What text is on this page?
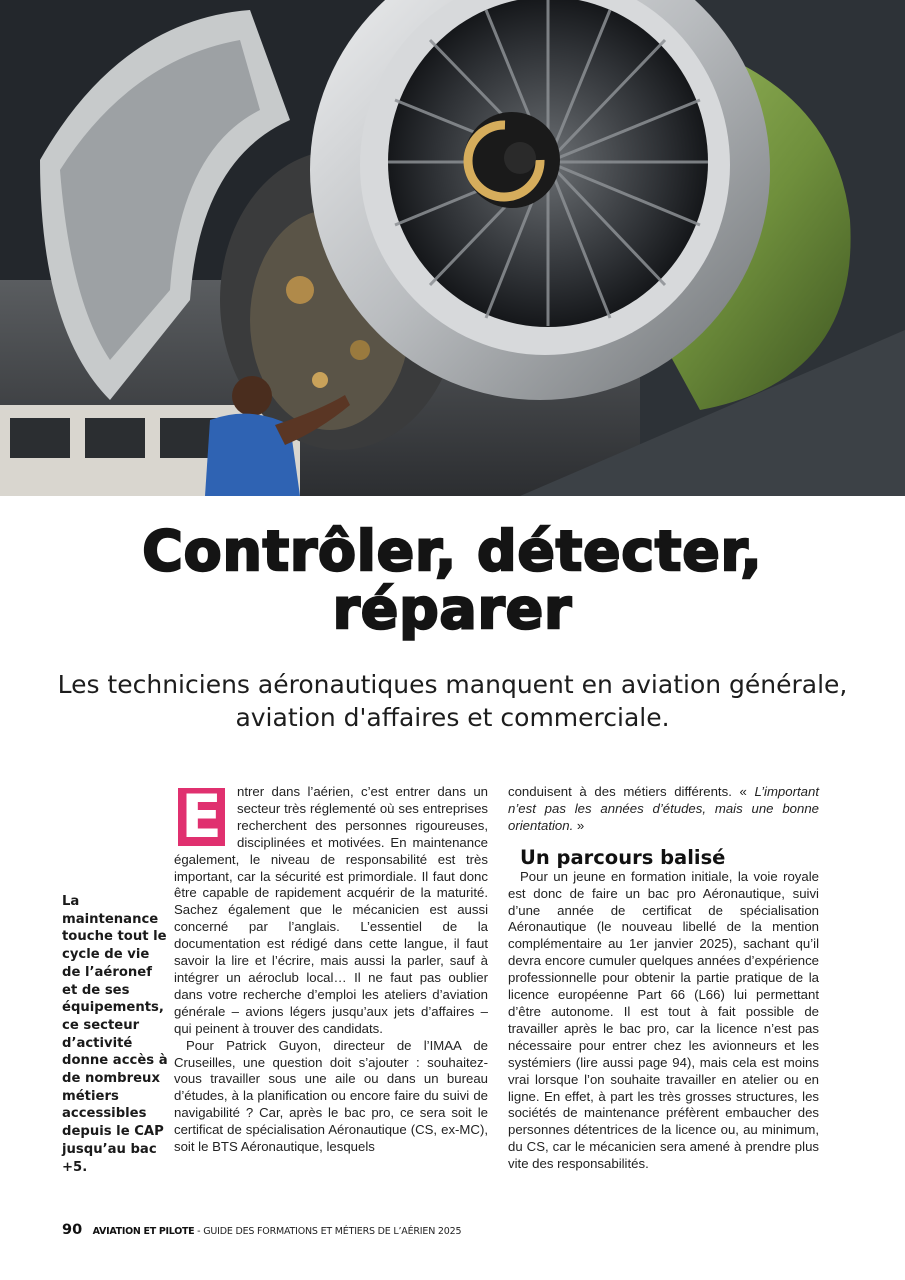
Contrôler, détecter,
réparer

Les techniciens aéronautiques manquent en aviation générale, aviation d'affaires et commerciale.

La maintenance touche tout le cycle de vie de l’aéronef et de ses équipements, ce secteur d’activité donne accès à de nombreux métiers accessibles depuis le CAP jusqu’au bac +5.

E ntrer dans l’aérien, c’est entrer dans un secteur très réglementé où ses entreprises recherchent des personnes rigoureuses, disciplinées et motivées. En maintenance également, le niveau de responsabilité est très important, car la sécurité est primordiale. Il faut donc être capable de rapidement acquérir de la maturité. Sachez également que le mécanicien est aussi concerné par l’anglais. L’essentiel de la documentation est rédigé dans cette langue, il faut savoir la lire et l’écrire, mais aussi la parler, sauf à intégrer un aéroclub local… Il ne faut pas oublier dans votre recherche d’emploi les ateliers d’aviation générale – avions légers jusqu’aux jets d’affaires – qui peinent à trouver des candidats.

Pour Patrick Guyon, directeur de l’IMAA de Cruseilles, une question doit s’ajouter : souhaitez-vous travailler sous une aile ou dans un bureau d’études, à la planification ou encore faire du suivi de navigabilité ? Car, après le bac pro, ce sera soit le certificat de spécialisation Aéronautique (CS, ex-MC), soit le BTS Aéronautique, lesquels

conduisent à des métiers différents. « L’important n’est pas les années d’études, mais une bonne orientation. »

Un parcours balisé

Pour un jeune en formation initiale, la voie royale est donc de faire un bac pro Aéronautique, suivi d’une année de certificat de spécialisation Aéronautique (le nouveau libellé de la mention complémentaire au 1er janvier 2025), sachant qu’il devra encore cumuler quelques années d’expérience professionnelle pour obtenir la partie pratique de la licence européenne Part 66 (L66) lui permettant d’être autonome. Il est tout à fait possible de travailler après le bac pro, car la licence n’est pas nécessaire pour entrer chez les avionneurs et les systémiers (lire aussi page 94), mais cela est moins vrai lorsque l’on souhaite travailler en atelier ou en ligne. En effet, à part les très grosses structures, les sociétés de maintenance préfèrent embaucher des personnes détentrices de la licence ou, au minimum, du CS, car le mécanicien sera amené à prendre plus vite des responsabilités.

90 AVIATION ET PILOTE - GUIDE DES FORMATIONS ET MÉTIERS DE L’AÉRIEN 2025
